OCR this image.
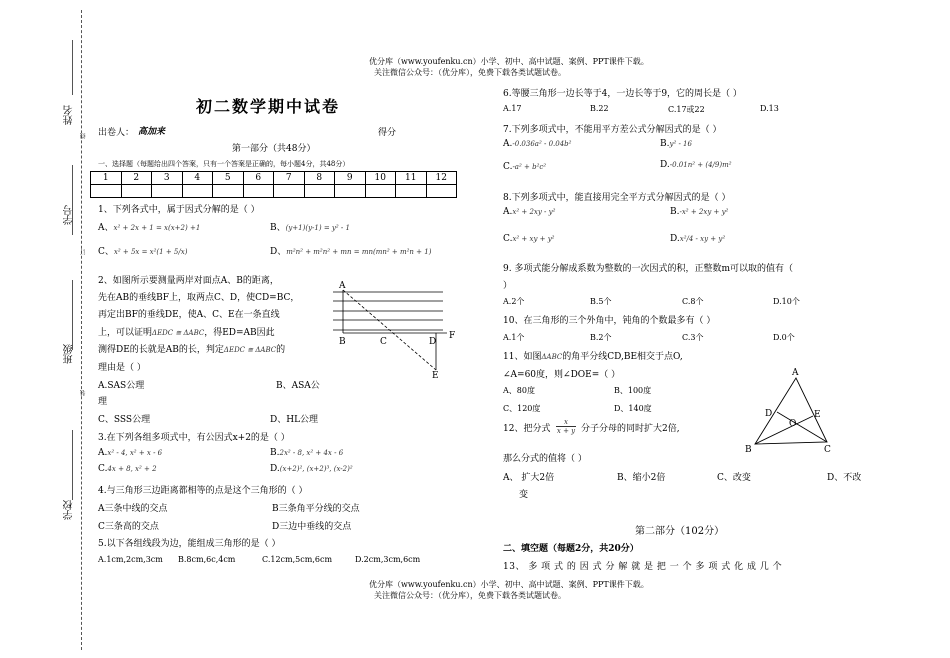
优分库（www.youfenku.cn）小学、初中、高中试题、案例、PPT课件下载。
关注微信公众号：（优分库），免费下载各类试题试卷。
优分库（www.youfenku.cn）小学、初中、高中试题、案例、PPT课件下载。
关注微信公众号：（优分库），免费下载各类试题试卷。
姓名
学号
班级
学校
线
订
装
初二数学期中试卷
出卷人： 高加来	得分
第一部分（共48分）
一、选择题（每题给出四个答案，只有一个答案是正确的，每小题4分，共48分）
1	2	3	4	5	6	7	8	9	10	11	12

1、下列各式中，属于因式分解的是（ ）
A、x² + 2x + 1 = x(x+2) +1	B、(y+1)(y-1) = y² - 1
C、x² + 5x = x²(1 + 5/x)	D、m²n² + m²n² + mn = mn(mn² + m²n + 1)
2、如图所示要测量两岸对面点A、B的距离，
先在AB的垂线BF上，取两点C、D，使CD=BC，
再定出BF的垂线DE，使A、C、E在一条直线
上，可以证明ΔEDC ≅ ΔABC，得ED=AB因此
测得DE的长就是AB的长，判定ΔEDC ≅ ΔABC的
理由是（ ）
A.SAS公理	B、ASA公
理
C、SSS公理	D、HL公理
A
B	C	D
F
E
3.在下列各组多项式中，有公因式x+2的是（ ）
A.x² - 4, x² + x - 6	B.2x² - 8, x² + 4x - 6
C.4x + 8, x² + 2	D.(x+2)², (x+2)³, (x-2)²
4.与三角形三边距离都相等的点是这个三角形的（ ）
A三条中线的交点	B三条角平分线的交点
C三条高的交点	D三边中垂线的交点
5.以下各组线段为边，能组成三角形的是（ ）
A.1cm,2cm,3cm B.8cm,6c,4cm	C.12cm,5cm,6cm	D.2cm,3cm,6cm
6.等腰三角形一边长等于4，一边长等于9，它的周长是（ ）
A.17	B.22	C.17或22	D.13
7.下列多项式中，不能用平方差公式分解因式的是（ ）
A.-0.036a² - 0.04b²	B.y² - 16
C.-a² + b²c²	D.-0.01n² + (4/9)m²
8.下列多项式中，能直接用完全平方式分解因式的是（ ）
A.x² + 2xy - y²	B.-x² + 2xy + y²
C.x² + xy + y²	D.x²/4 - xy + y²
9. 多项式能分解成系数为整数的一次因式的积，正整数m可以取的值有（
）
A.2个	B.5个	C.8个	D.10个
10、在三角形的三个外角中，钝角的个数最多有（ ）
A.1个	B.2个	C.3个	D.0个
11、如图ΔABC的角平分线CD,BE相交于点O,
∠A=60度，则∠DOE=（ ）
A、80度	B、100度
C、120度	D、140度
A
B	C
D	E
O
12、把分式 $\frac{x}{x + y}$ 分子分母的同时扩大2倍,
那么分式的值将（ ）
A、 扩大2倍	B、缩小2倍	C、改变	D、不改
变
第二部分（102分）
二、填空题（每题2分，共20分）
13、 多 项 式 的 因 式 分 解 就 是 把 一 个 多 项 式 化 成 几 个
